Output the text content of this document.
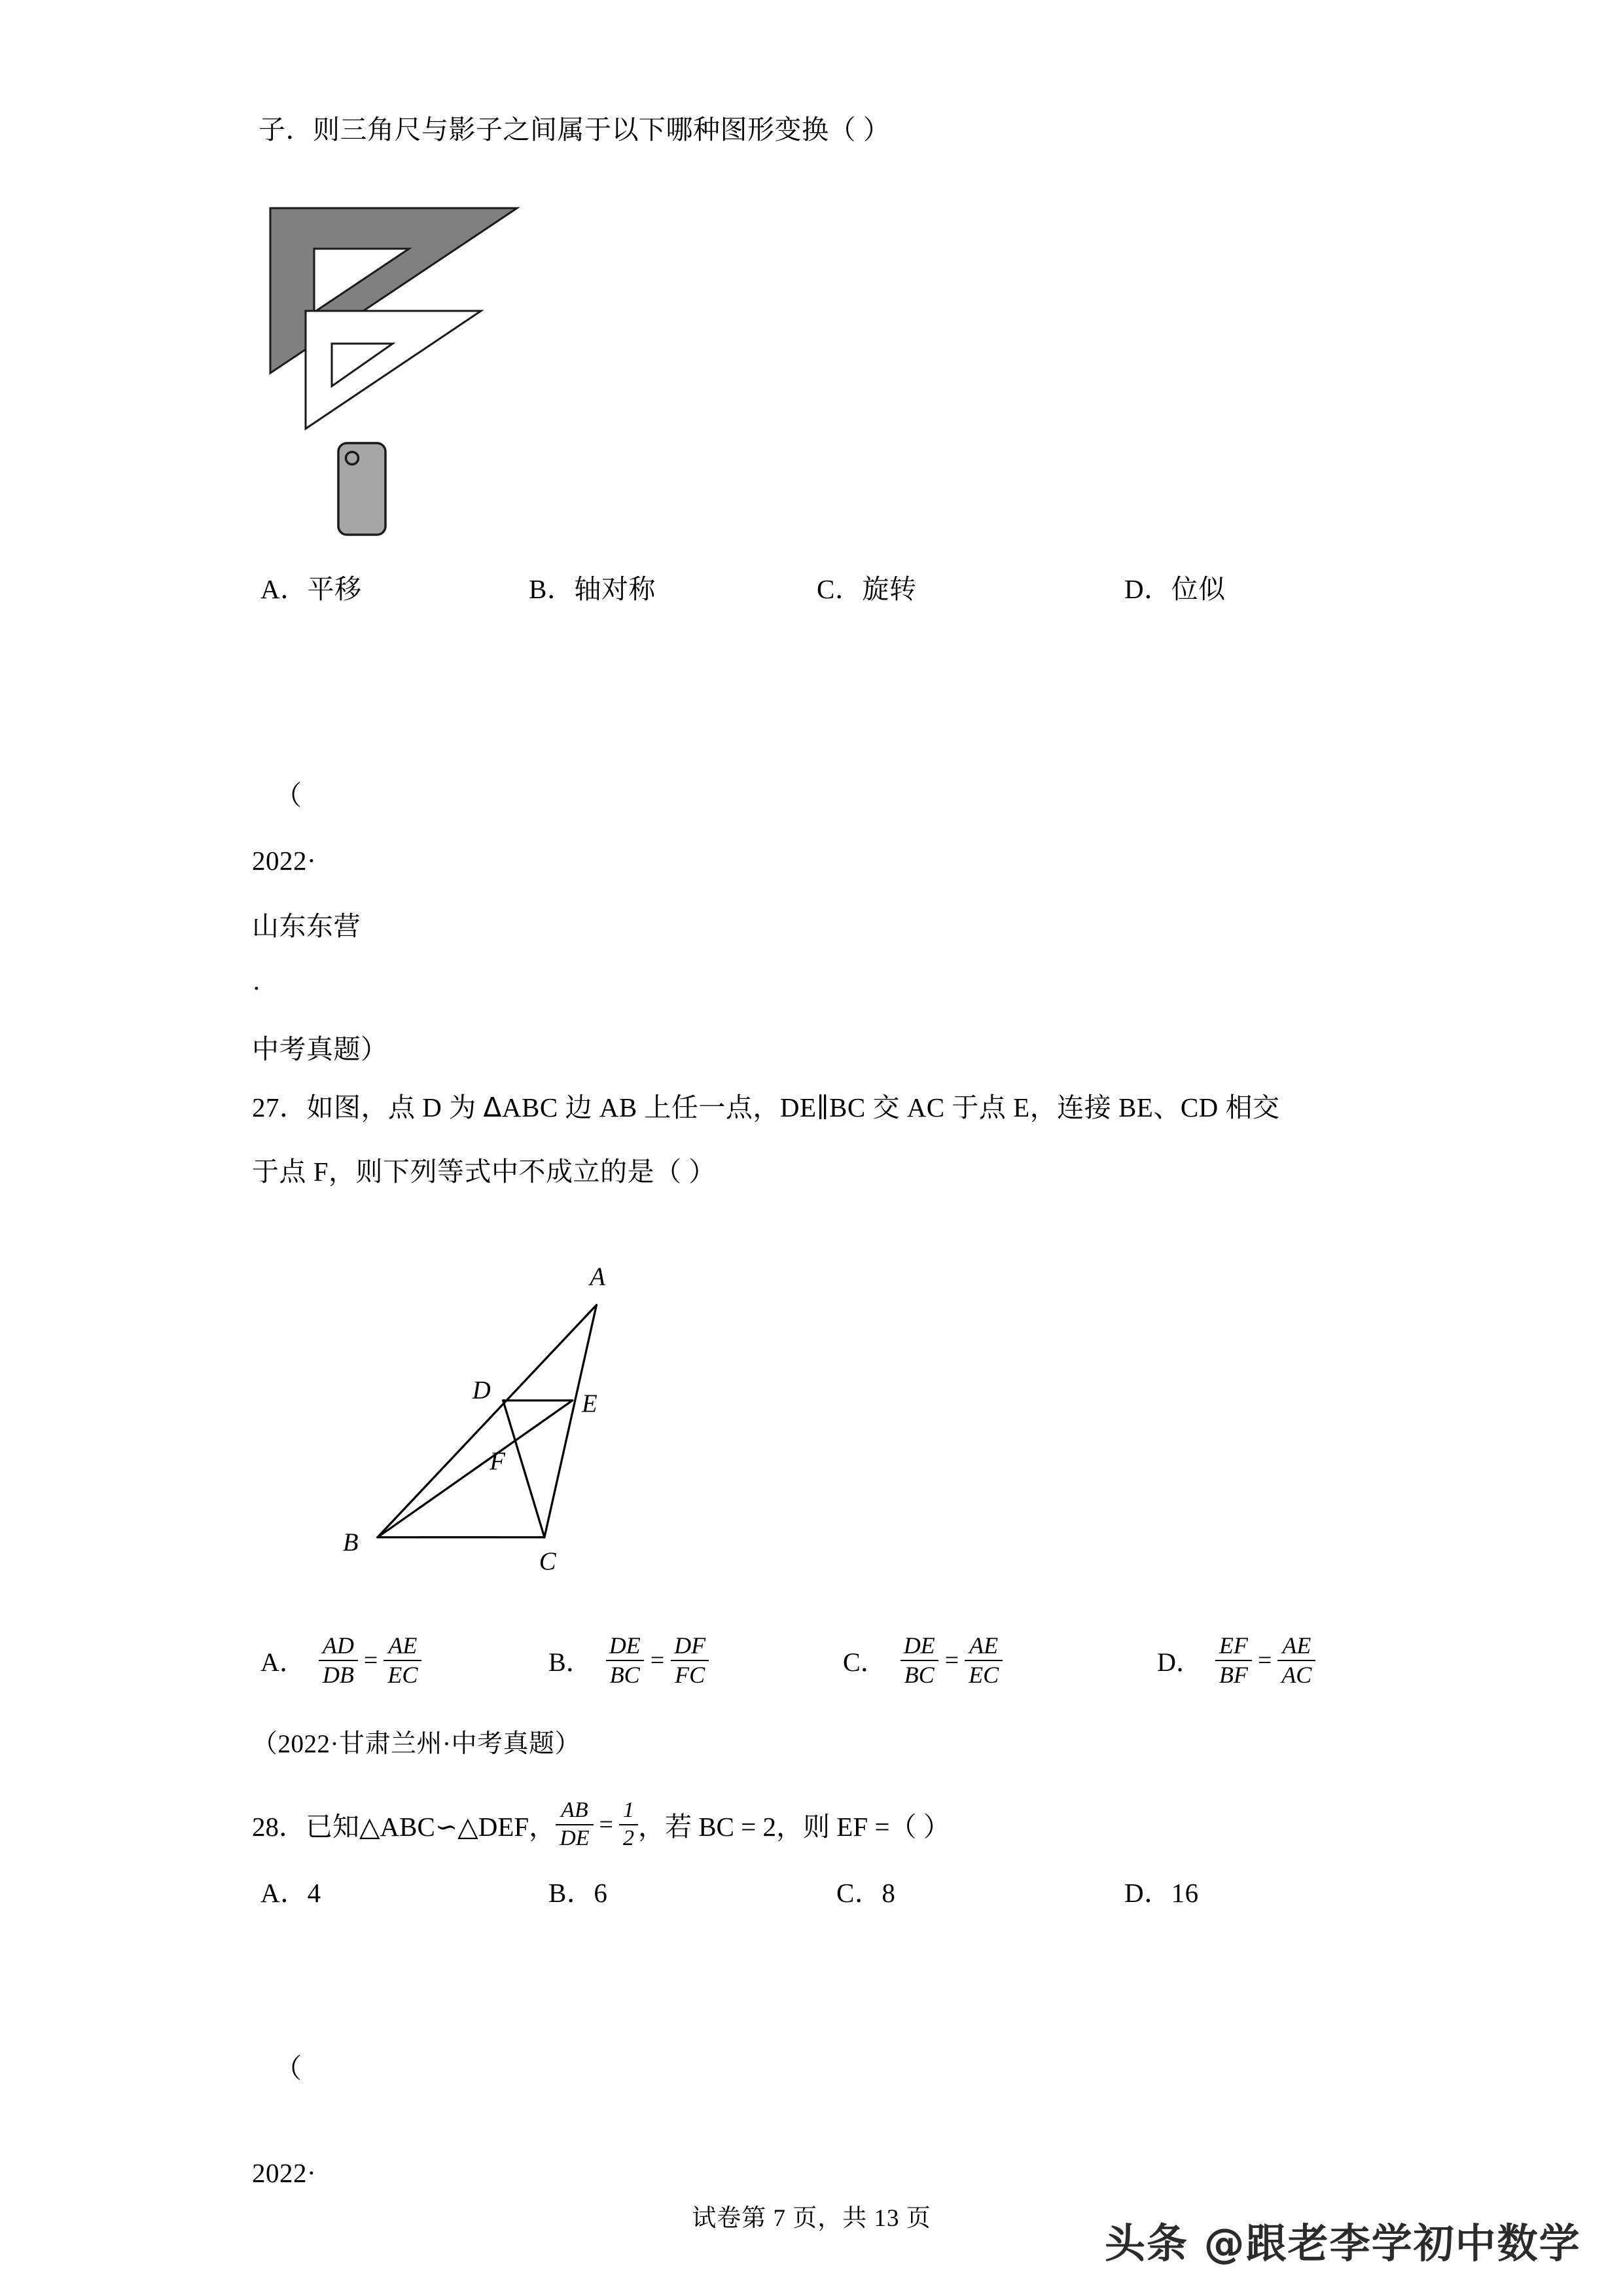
子．则三角尺与影子之间属于以下哪种图形变换（ ）
A．平移	B．轴对称	C．旋转	D．位似
（
2022·
山东东营
·
中考真题）
27．如图，点 D 为 ᐃABC 边 AB 上任一点，DE∥BC 交 AC 于点 E，连接 BE、CD 相交
于点 F，则下列等式中不成立的是（ ）
A
D	E
F
B
C
A． $\frac{AD}{DB} = \frac{AE}{EC}$	B． $\frac{DE}{BC} = \frac{DF}{FC}$	C． $\frac{DE}{BC} = \frac{AE}{EC}$	D． $\frac{EF}{BF} = \frac{AE}{AC}$
（2022·甘肃兰州·中考真题）
28．已知△ABC∽△DEF， $\frac{AB}{DE} = \frac{1}{2}$ ，若 BC = 2，则 EF =（ ）
A．4	B．6	C．8	D．16
（
2022·
试卷第 7 页，共 13 页
头条 @跟老李学初中数学
